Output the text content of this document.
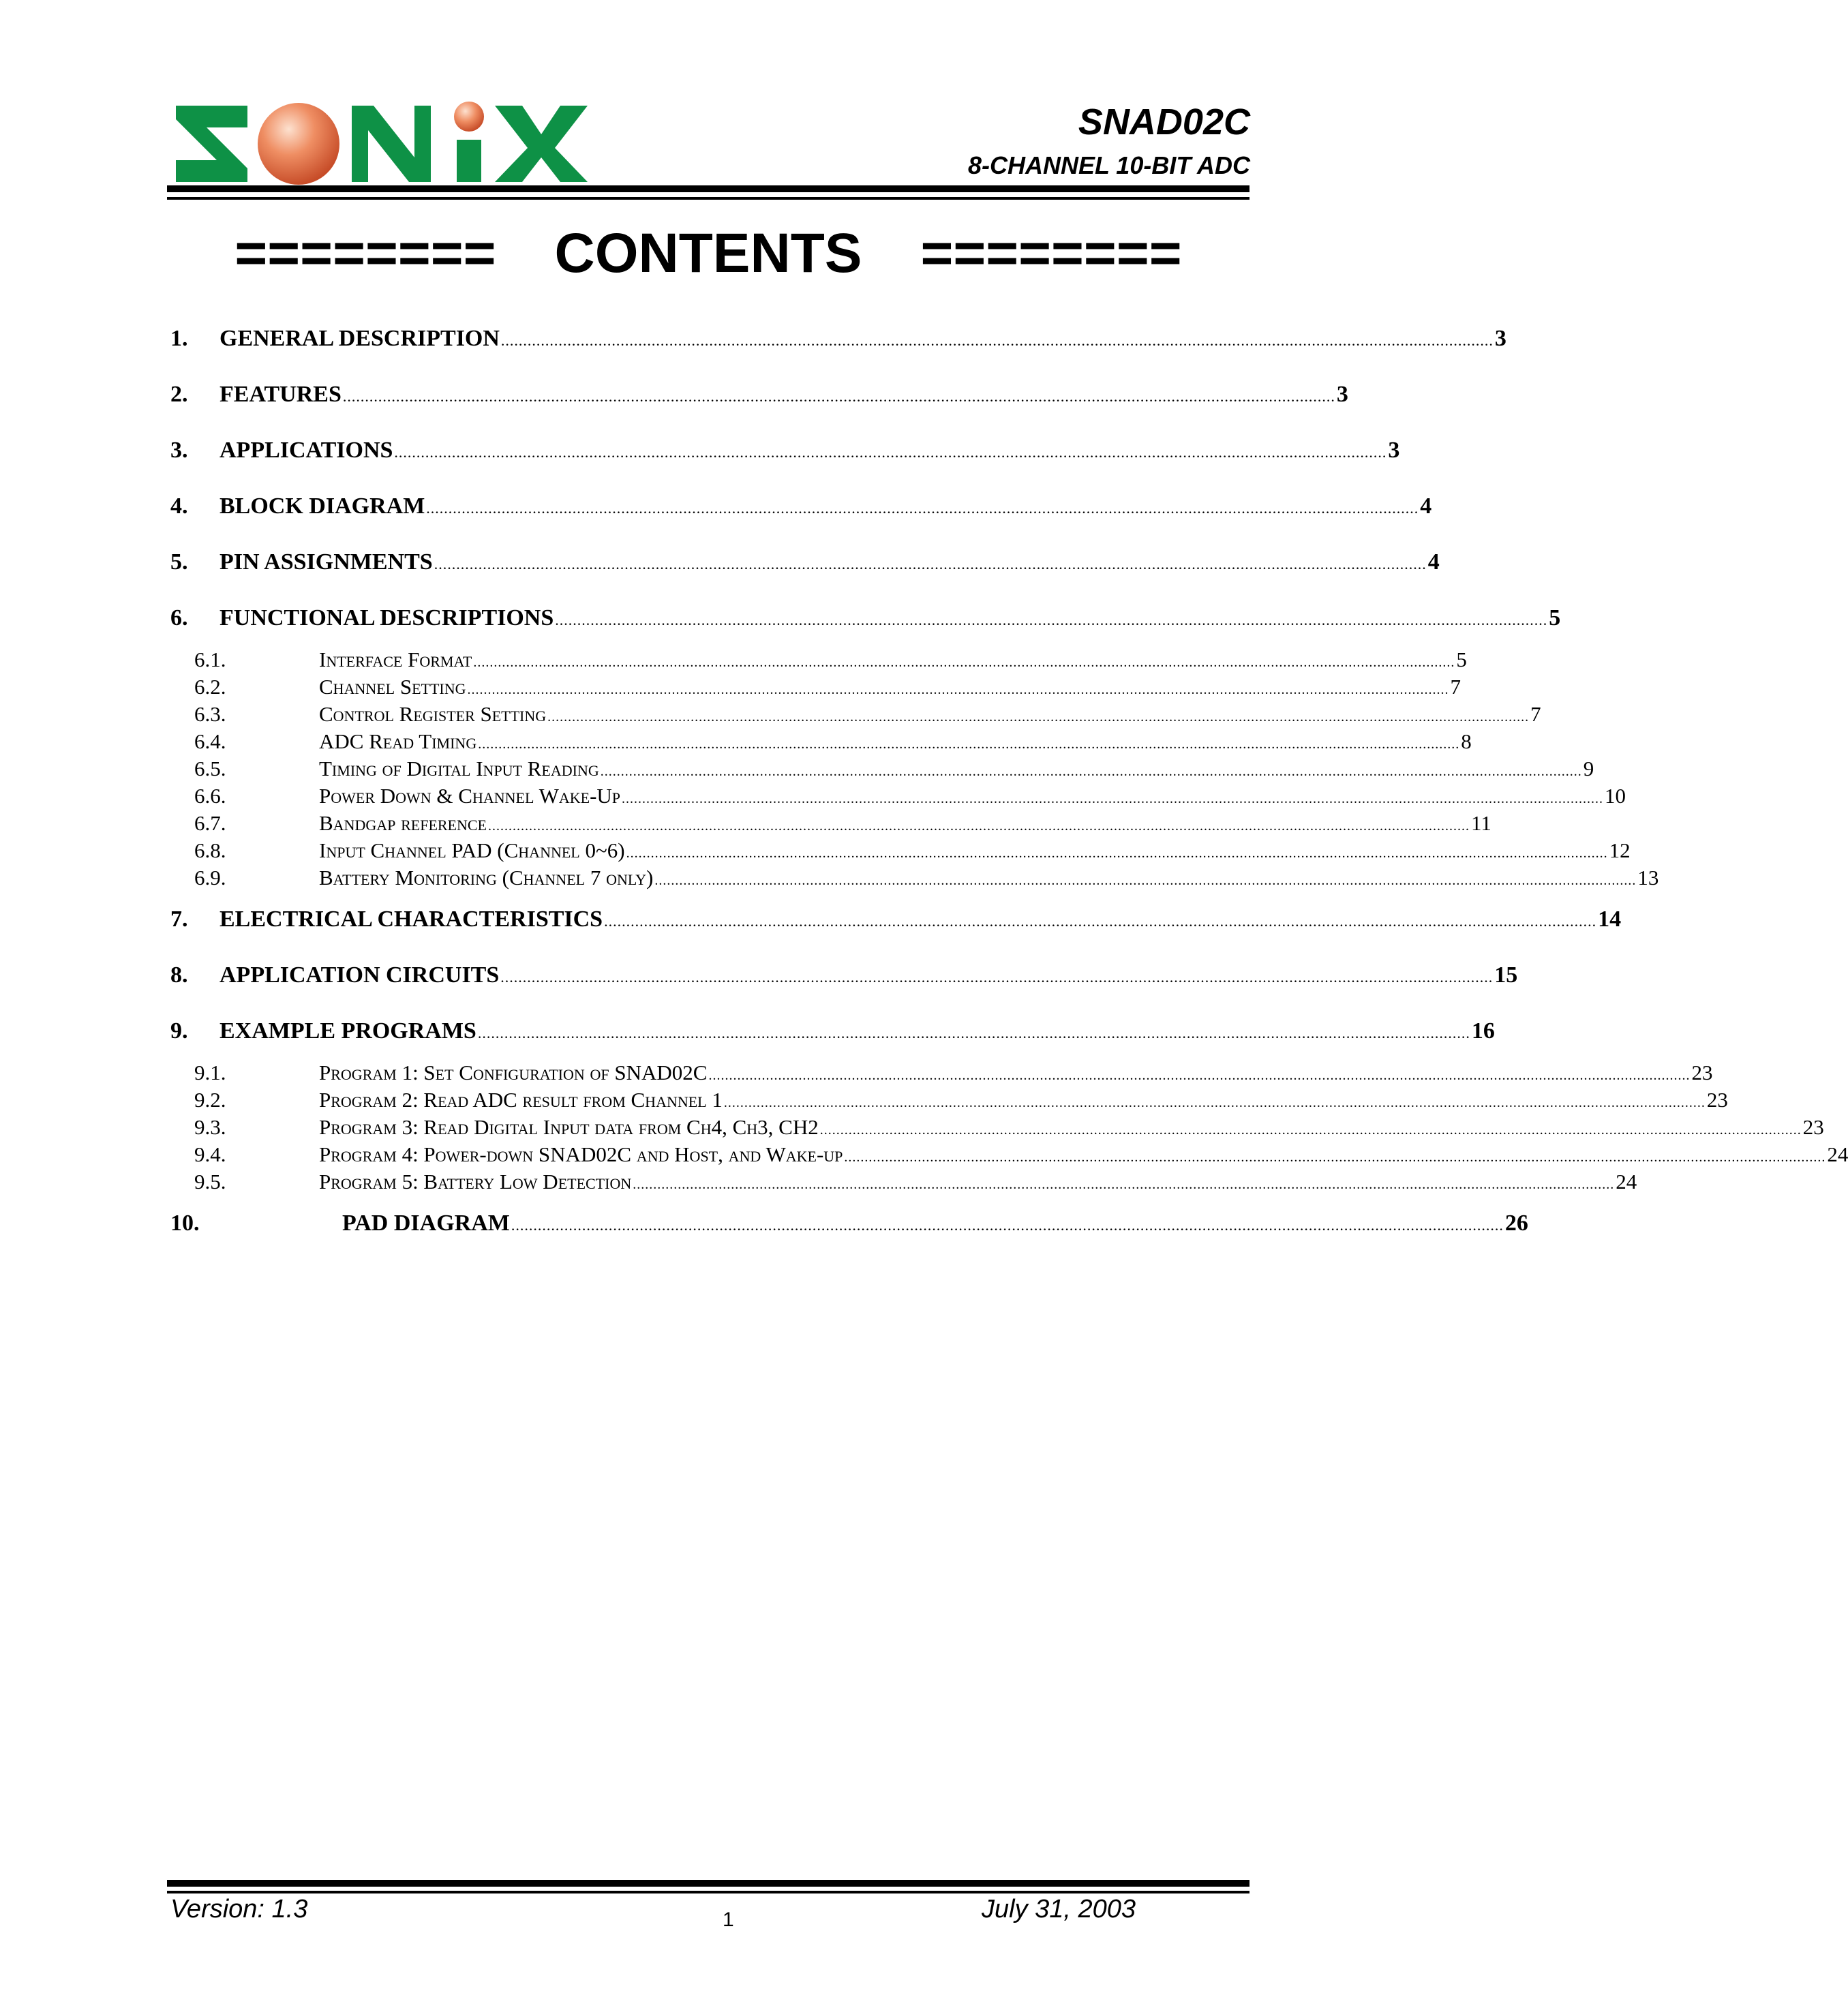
SNAD02C
8-CHANNEL 10-BIT ADC
======== CONTENTS ========
1.	GENERAL DESCRIPTION ................................................................................................................................................................................................................................ 3
2.	FEATURES ................................................................................................................................................................................................................................ 3
3.	APPLICATIONS ................................................................................................................................................................................................................................ 3
4.	BLOCK DIAGRAM ................................................................................................................................................................................................................................ 4
5.	PIN ASSIGNMENTS ................................................................................................................................................................................................................................ 4
6.	FUNCTIONAL DESCRIPTIONS ................................................................................................................................................................................................................................ 5
6.1.	Interface Format ................................................................................................................................................................................................................................................ 5
6.2.	Channel Setting ................................................................................................................................................................................................................................................ 7
6.3.	Control Register Setting ................................................................................................................................................................................................................................................ 7
6.4.	ADC Read Timing ................................................................................................................................................................................................................................................ 8
6.5.	Timing of Digital Input Reading ................................................................................................................................................................................................................................................ 9
6.6.	Power Down & Channel Wake-Up ................................................................................................................................................................................................................................................ 10
6.7.	Bandgap reference ................................................................................................................................................................................................................................................ 11
6.8.	Input Channel PAD (Channel 0~6) ................................................................................................................................................................................................................................................ 12
6.9.	Battery Monitoring (Channel 7 only) ................................................................................................................................................................................................................................................ 13
7.	ELECTRICAL CHARACTERISTICS ................................................................................................................................................................................................................................ 14
8.	APPLICATION CIRCUITS ................................................................................................................................................................................................................................ 15
9.	EXAMPLE PROGRAMS ................................................................................................................................................................................................................................ 16
9.1.	Program 1: Set Configuration of SNAD02C ................................................................................................................................................................................................................................................ 23
9.2.	Program 2: Read ADC result from Channel 1 ................................................................................................................................................................................................................................................ 23
9.3.	Program 3: Read Digital Input data from Ch4, Ch3, CH2 ................................................................................................................................................................................................................................................ 23
9.4.	Program 4: Power-down SNAD02C and Host, and Wake-up ................................................................................................................................................................................................................................................ 24
9.5.	Program 5: Battery Low Detection ................................................................................................................................................................................................................................................ 24
10.	PAD DIAGRAM ................................................................................................................................................................................................................................ 26
Version: 1.3	1	July 31, 2003
